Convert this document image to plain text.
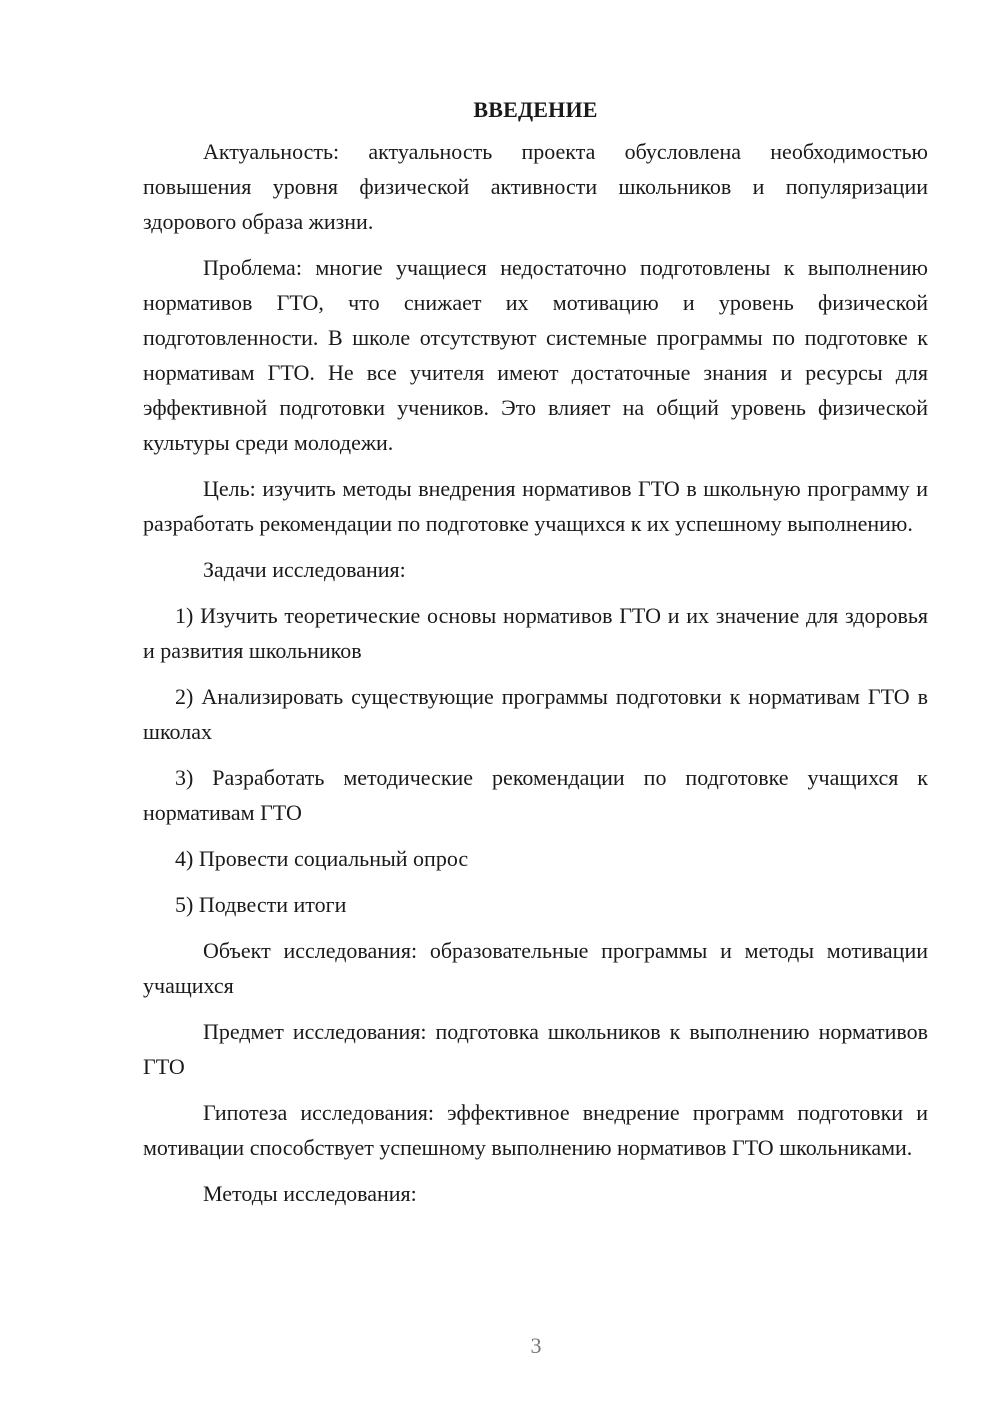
ВВЕДЕНИЕ

Актуальность: актуальность проекта обусловлена необходимостью повышения уровня физической активности школьников и популяризации здорового образа жизни.

Проблема: многие учащиеся недостаточно подготовлены к выполнению нормативов ГТО, что снижает их мотивацию и уровень физической подготовленности. В школе отсутствуют системные программы по подготовке к нормативам ГТО. Не все учителя имеют достаточные знания и ресурсы для эффективной подготовки учеников. Это влияет на общий уровень физической культуры среди молодежи.

Цель: изучить методы внедрения нормативов ГТО в школьную программу и разработать рекомендации по подготовке учащихся к их успешному выполнению.

Задачи исследования:

1) Изучить теоретические основы нормативов ГТО и их значение для здоровья и развития школьников

2) Анализировать существующие программы подготовки к нормативам ГТО в школах

3) Разработать методические рекомендации по подготовке учащихся к нормативам ГТО

4) Провести социальный опрос

5) Подвести итоги

Объект исследования: образовательные программы и методы мотивации учащихся

Предмет исследования: подготовка школьников к выполнению нормативов ГТО

Гипотеза исследования: эффективное внедрение программ подготовки и мотивации способствует успешному выполнению нормативов ГТО школьниками.

Методы исследования:

3
